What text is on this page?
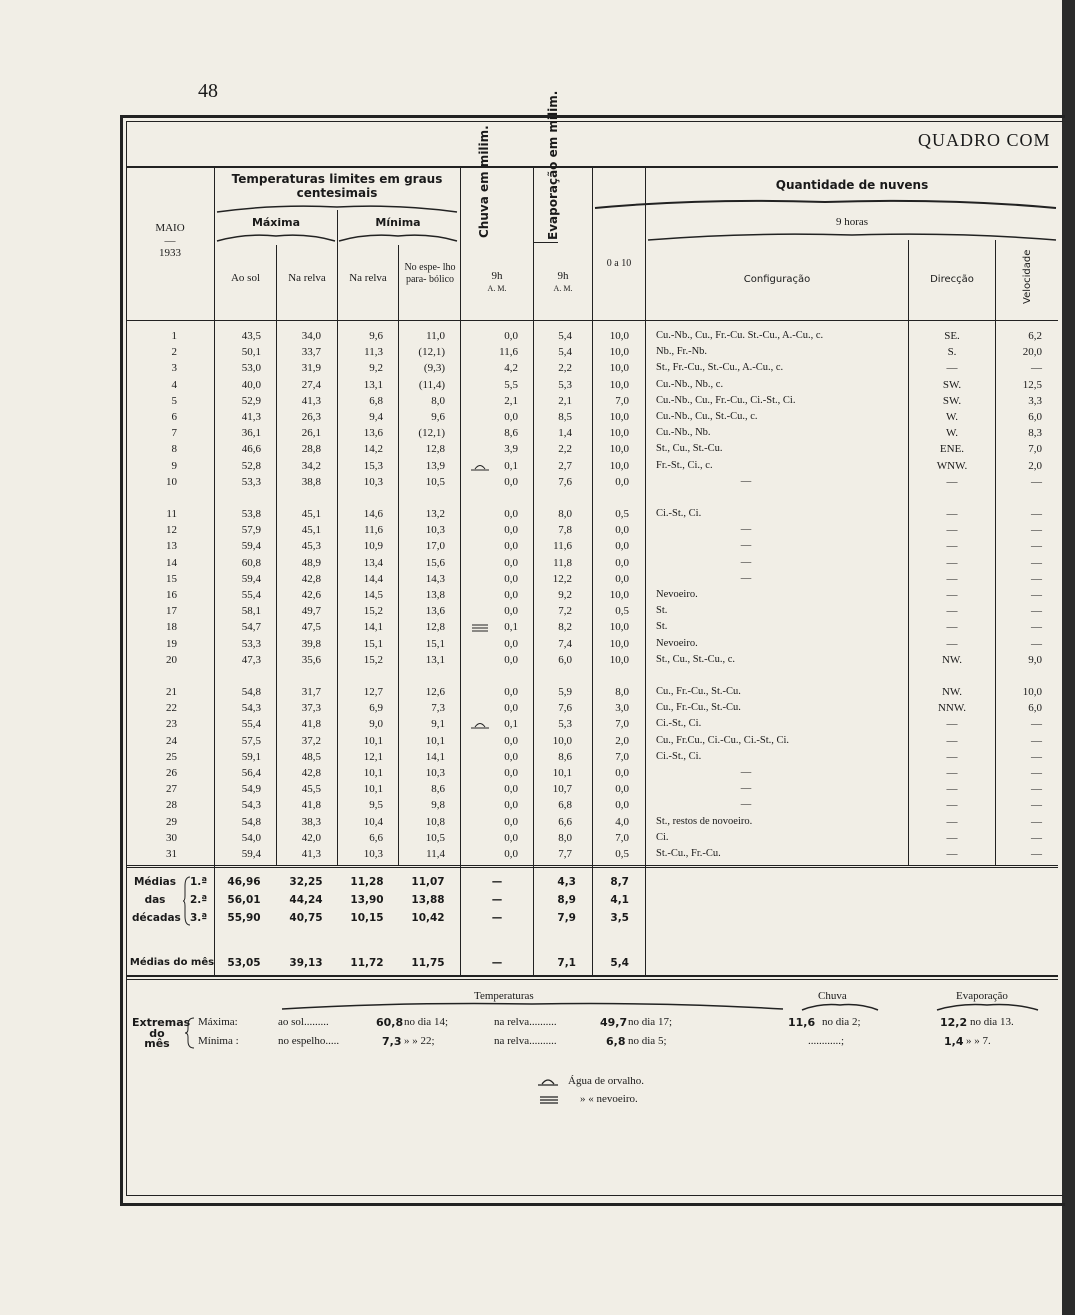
48
QUADRO COM
Temperaturas limites em graus centesimais
Máxima	Mínima
MAIO
—
1933
Ao sol	Na relva	Na relva
No espe- lho para- bólico
Chuva em milim.
9h
A. M.
9h
A. M.
0 a 10
Quantidade de nuvens
9 horas
Configuração	Direcção	Velocidade
1	43,5	34,0	9,6	11,0	0,0	5,4	10,0	Cu.-Nb., Cu., Fr.-Cu. St.-Cu., A.-Cu., c.	SE.	6,2
2	50,1	33,7	11,3	(12,1)	11,6	5,4	10,0	Nb., Fr.-Nb.	S.	20,0
3	53,0	31,9	9,2	(9,3)	4,2	2,2	10,0	St., Fr.-Cu., St.-Cu., A.-Cu., c.	—	—
4	40,0	27,4	13,1	(11,4)	5,5	5,3	10,0	Cu.-Nb., Nb., c.	SW.	12,5
5	52,9	41,3	6,8	8,0	2,1	2,1	7,0	Cu.-Nb., Cu., Fr.-Cu., Ci.-St., Ci.	SW.	3,3
6	41,3	26,3	9,4	9,6	0,0	8,5	10,0	Cu.-Nb., Cu., St.-Cu., c.	W.	6,0
7	36,1	26,1	13,6	(12,1)	8,6	1,4	10,0	Cu.-Nb., Nb.	W.	8,3
8	46,6	28,8	14,2	12,8	3,9	2,2	10,0	St., Cu., St.-Cu.	ENE.	7,0
9	52,8	34,2	15,3	13,9	0,1	2,7	10,0	Fr.-St., Ci., c.	WNW.	2,0
10	53,3	38,8	10,3	10,5	0,0	7,6	0,0	—	—	—
11	53,8	45,1	14,6	13,2	0,0	8,0	0,5	Ci.-St., Ci.	—	—
12	57,9	45,1	11,6	10,3	0,0	7,8	0,0	—	—	—
13	59,4	45,3	10,9	17,0	0,0	11,6	0,0	—	—	—
14	60,8	48,9	13,4	15,6	0,0	11,8	0,0	—	—	—
15	59,4	42,8	14,4	14,3	0,0	12,2	0,0	—	—	—
16	55,4	42,6	14,5	13,8	0,0	9,2	10,0	Nevoeiro.	—	—
17	58,1	49,7	15,2	13,6	0,0	7,2	0,5	St.	—	—
18	54,7	47,5	14,1	12,8	0,1	8,2	10,0	St.	—	—
19	53,3	39,8	15,1	15,1	0,0	7,4	10,0	Nevoeiro.	—	—
20	47,3	35,6	15,2	13,1	0,0	6,0	10,0	St., Cu., St.-Cu., c.	NW.	9,0
21	54,8	31,7	12,7	12,6	0,0	5,9	8,0	Cu., Fr.-Cu., St.-Cu.	NW.	10,0
22	54,3	37,3	6,9	7,3	0,0	7,6	3,0	Cu., Fr.-Cu., St.-Cu.	NNW.	6,0
23	55,4	41,8	9,0	9,1	0,1	5,3	7,0	Ci.-St., Ci.	—	—
24	57,5	37,2	10,1	10,1	0,0	10,0	2,0	Cu., Fr.Cu., Ci.-Cu., Ci.-St., Ci.	—	—
25	59,1	48,5	12,1	14,1	0,0	8,6	7,0	Ci.-St., Ci.	—	—
26	56,4	42,8	10,1	10,3	0,0	10,1	0,0	—	—	—
27	54,9	45,5	10,1	8,6	0,0	10,7	0,0	—	—	—
28	54,3	41,8	9,5	9,8	0,0	6,8	0,0	—	—	—
29	54,8	38,3	10,4	10,8	0,0	6,6	4,0	St., restos de novoeiro.	—	—
30	54,0	42,0	6,6	10,5	0,0	8,0	7,0	Ci.	—	—
31	59,4	41,3	10,3	11,4	0,0	7,7	0,5	St.-Cu., Fr.-Cu.	—	—
Médias
das
décadas
1.ª	46,96	32,25	11,28	11,07	—	4,3	8,7
2.ª	56,01	44,24	13,90	13,88	—	8,9	4,1
3.ª	55,90	40,75	10,15	10,42	—	7,9	3,5
Médias do mês	53,05	39,13	11,72	11,75	—	7,1	5,4
Temperaturas	Chuva	Evaporação
Extremas
do
mês
Máxima:
Mínima :
ao sol.........	60,8 no dia 14;	na relva..........	49,7 no dia 17;	11,6 no dia 2;	12,2 no dia 13.
no espelho.....	7,3 » » 22;	na relva..........	6,8 no dia 5;	............;	1,4 » » 7.
Água de orvalho.
» « nevoeiro.
